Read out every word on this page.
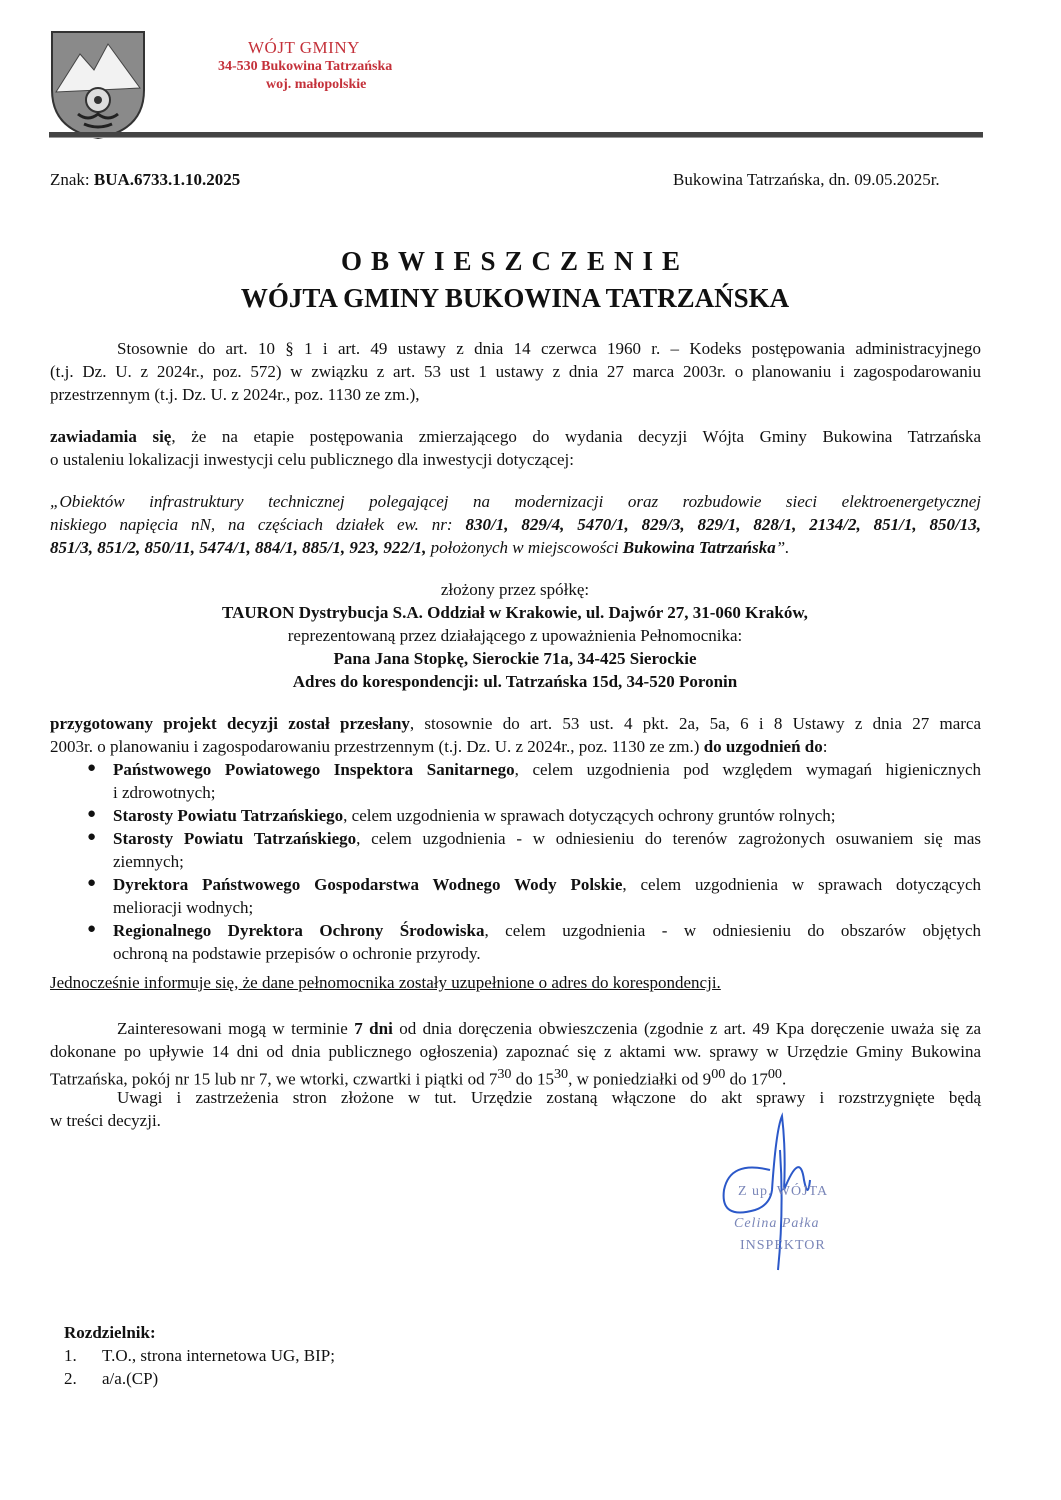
WÓJT GMINY
34-530 Bukowina Tatrzańska
woj. małopolskie
Znak: BUA.6733.1.10.2025	Bukowina Tatrzańska, dn. 09.05.2025r.
OBWIESZCZENIE
WÓJTA GMINY BUKOWINA TATRZAŃSKA
Stosownie do art. 10 § 1 i art. 49 ustawy z dnia 14 czerwca 1960 r. – Kodeks postępowania administracyjnego
(t.j. Dz. U. z 2024r., poz. 572) w związku z art. 53 ust 1 ustawy z dnia 27 marca 2003r. o planowaniu i zagospodarowaniu
przestrzennym (t.j. Dz. U. z 2024r., poz. 1130 ze zm.),
zawiadamia się, że na etapie postępowania zmierzającego do wydania decyzji Wójta Gminy Bukowina Tatrzańska
o ustaleniu lokalizacji inwestycji celu publicznego dla inwestycji dotyczącej:
„Obiektów infrastruktury technicznej polegającej na modernizacji oraz rozbudowie sieci elektroenergetycznej
niskiego napięcia nN, na częściach działek ew. nr: 830/1, 829/4, 5470/1, 829/3, 829/1, 828/1, 2134/2, 851/1, 850/13,
851/3, 851/2, 850/11, 5474/1, 884/1, 885/1, 923, 922/1, położonych w miejscowości Bukowina Tatrzańska”.
złożony przez spółkę:
TAURON Dystrybucja S.A. Oddział w Krakowie, ul. Dajwór 27, 31-060 Kraków,
reprezentowaną przez działającego z upoważnienia Pełnomocnika:
Pana Jana Stopkę, Sierockie 71a, 34-425 Sierockie
Adres do korespondencji: ul. Tatrzańska 15d, 34-520 Poronin
przygotowany projekt decyzji został przesłany, stosownie do art. 53 ust. 4 pkt. 2a, 5a, 6 i 8 Ustawy z dnia 27 marca
2003r. o planowaniu i zagospodarowaniu przestrzennym (t.j. Dz. U. z 2024r., poz. 1130 ze zm.) do uzgodnień do:
● Państwowego Powiatowego Inspektora Sanitarnego, celem uzgodnienia pod względem wymagań higienicznych
i zdrowotnych;
● Starosty Powiatu Tatrzańskiego, celem uzgodnienia w sprawach dotyczących ochrony gruntów rolnych;
● Starosty Powiatu Tatrzańskiego, celem uzgodnienia - w odniesieniu do terenów zagrożonych osuwaniem się mas
ziemnych;
● Dyrektora Państwowego Gospodarstwa Wodnego Wody Polskie, celem uzgodnienia w sprawach dotyczących
melioracji wodnych;
● Regionalnego Dyrektora Ochrony Środowiska, celem uzgodnienia - w odniesieniu do obszarów objętych
ochroną na podstawie przepisów o ochronie przyrody.
Jednocześnie informuje się, że dane pełnomocnika zostały uzupełnione o adres do korespondencji.
Zainteresowani mogą w terminie 7 dni od dnia doręczenia obwieszczenia (zgodnie z art. 49 Kpa doręczenie uważa się za
dokonane po upływie 14 dni od dnia publicznego ogłoszenia) zapoznać się z aktami ww. sprawy w Urzędzie Gminy Bukowina
Tatrzańska, pokój nr 15 lub nr 7, we wtorki, czwartki i piątki od $7^{30}$ do $15^{30}$, w poniedziałki od $9^{00}$ do $17^{00}$.
Uwagi i zastrzeżenia stron złożone w tut. Urzędzie zostaną włączone do akt sprawy i rozstrzygnięte będą
w treści decyzji.
Z up. WÓJTA
Celina Pałka
INSPEKTOR
Rozdzielnik:
1. T.O., strona internetowa UG, BIP;
2. a/a.(CP)
